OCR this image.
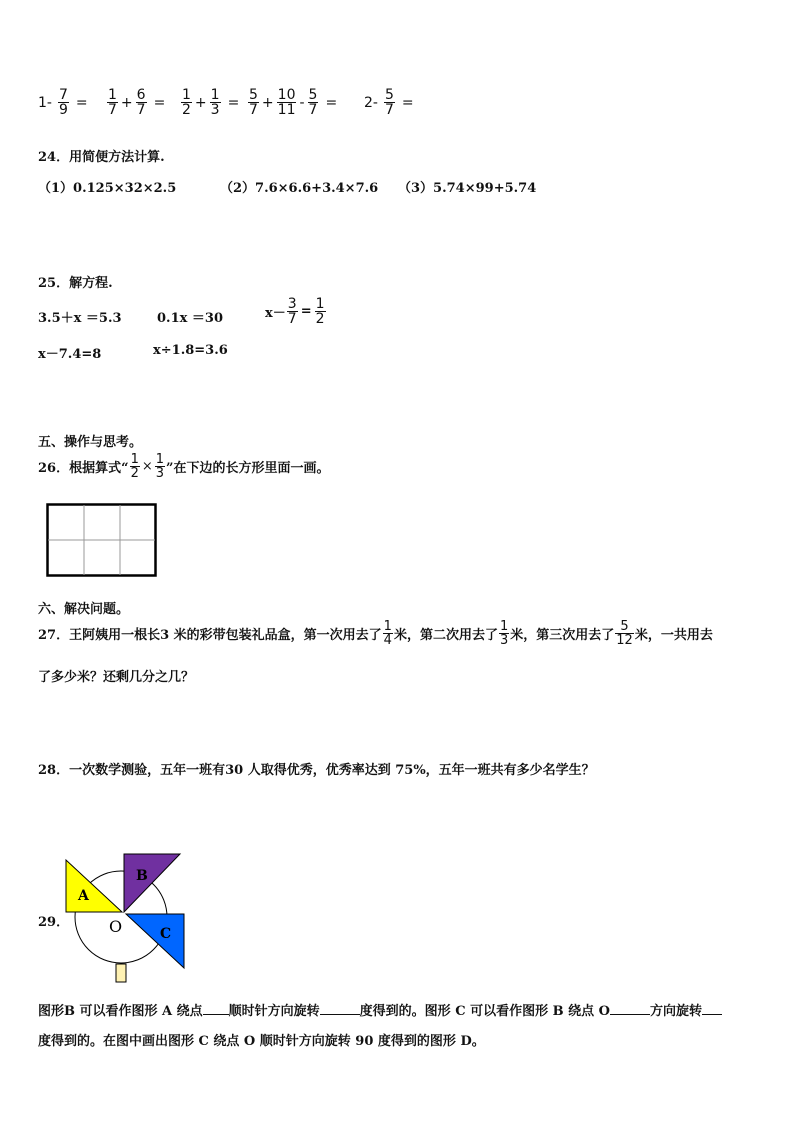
$1- \frac{7}{9} = \frac{1}{7} + \frac{6}{7} = \frac{1}{2} + \frac{1}{3} = \frac{5}{7} + \frac{10}{11} - \frac{5}{7} = 2- \frac{5}{7}$ =
24．用简便方法计算.
（1）0.125×32×2.5	（2）7.6×6.6+3.4×7.6 （3）5.74×99+5.74
25．解方程.
3.5＋x ＝5.3	0.1x ＝30	$x- \frac{3}{7} = \frac{1}{2}$
x－7.4=8	x÷1.8=3.6
五、操作与思考。
26．根据算式“ $\frac{1}{2} \times \frac{1}{3}$ ”在下边的长方形里面一画。
六、解决问题。
27．王阿姨用一根长3 米的彩带包装礼品盒，第一次用去了 $\frac{1}{4}$ 米，第二次用去了 $\frac{1}{3}$ 米，第三次用去了 $\frac{5}{12}$ 米，一共用去
了多少米？还剩几分之几？
28．一次数学测验，五年一班有30 人取得优秀，优秀率达到 75%，五年一班共有多少名学生？
29．
A
B
C
O
图形B 可以看作图形 A 绕点 顺时针方向旋转	度得到的。图形 C 可以看作图形 B 绕点 O	方向旋转
度得到的。在图中画出图形 C 绕点 O 顺时针方向旋转 90 度得到的图形 D。
